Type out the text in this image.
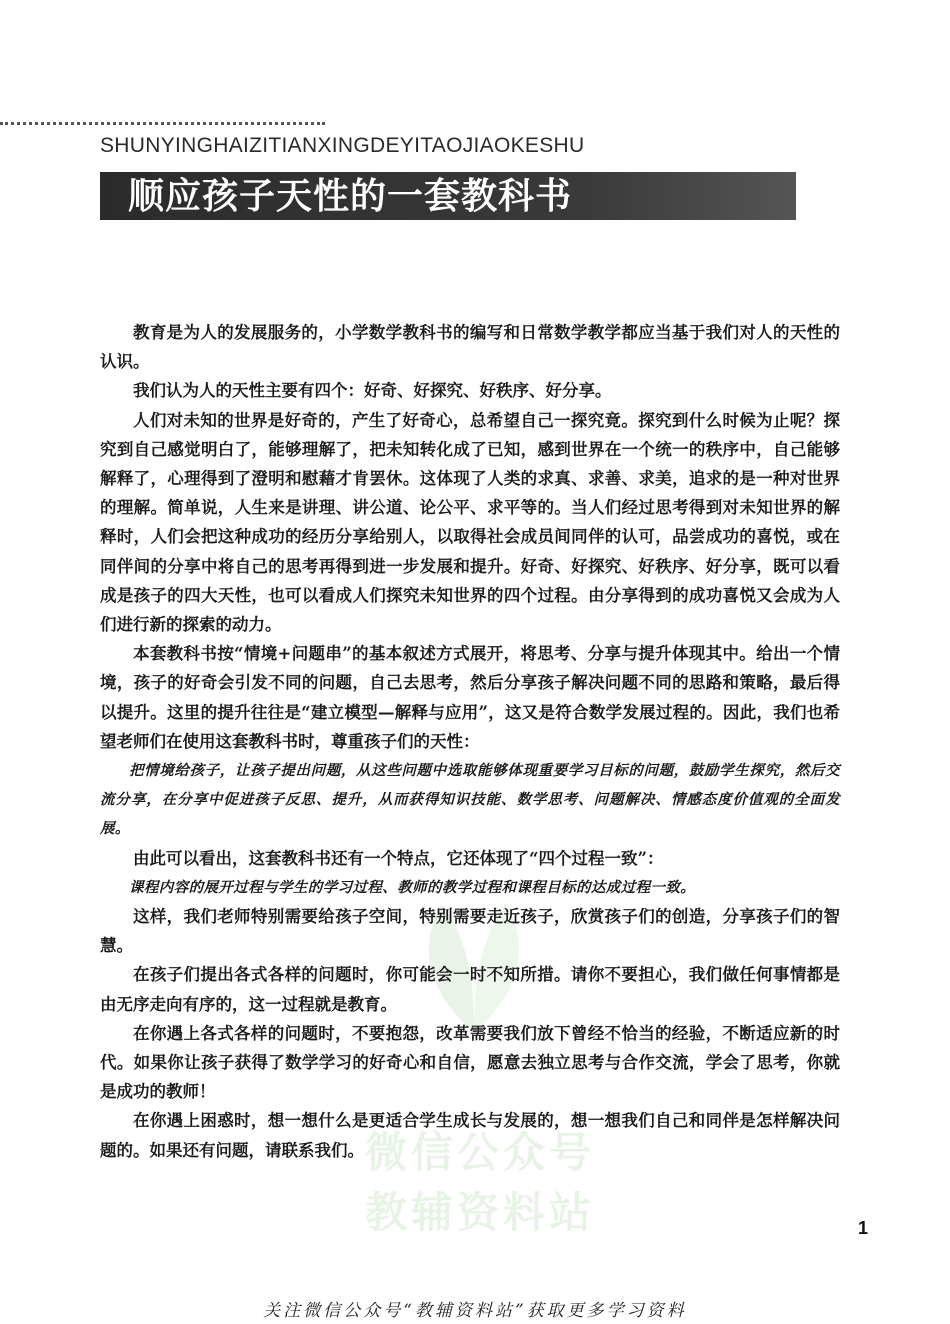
SHUNYINGHAIZITIANXINGDEYITAOJIAOKESHU
顺应孩子天性的一套教科书

教育是为人的发展服务的，小学数学教科书的编写和日常数学教学都应当基于我们对人的天性的认识。

我们认为人的天性主要有四个：好奇、好探究、好秩序、好分享。

人们对未知的世界是好奇的，产生了好奇心，总希望自己一探究竟。探究到什么时候为止呢？探究到自己感觉明白了，能够理解了，把未知转化成了已知，感到世界在一个统一的秩序中，自己能够解释了，心理得到了澄明和慰藉才肯罢休。这体现了人类的求真、求善、求美，追求的是一种对世界的理解。简单说，人生来是讲理、讲公道、论公平、求平等的。当人们经过思考得到对未知世界的解释时，人们会把这种成功的经历分享给别人，以取得社会成员间同伴的认可，品尝成功的喜悦，或在同伴间的分享中将自己的思考再得到进一步发展和提升。好奇、好探究、好秩序、好分享，既可以看成是孩子的四大天性，也可以看成人们探究未知世界的四个过程。由分享得到的成功喜悦又会成为人们进行新的探索的动力。

本套教科书按“情境+问题串”的基本叙述方式展开，将思考、分享与提升体现其中。给出一个情境，孩子的好奇会引发不同的问题，自己去思考，然后分享孩子解决问题不同的思路和策略，最后得以提升。这里的提升往往是“建立模型—解释与应用”，这又是符合数学发展过程的。因此，我们也希望老师们在使用这套教科书时，尊重孩子们的天性：

把情境给孩子，让孩子提出问题，从这些问题中选取能够体现重要学习目标的问题，鼓励学生探究，然后交流分享，在分享中促进孩子反思、提升，从而获得知识技能、数学思考、问题解决、情感态度价值观的全面发展。

由此可以看出，这套教科书还有一个特点，它还体现了“四个过程一致”：

课程内容的展开过程与学生的学习过程、教师的教学过程和课程目标的达成过程一致。

这样，我们老师特别需要给孩子空间，特别需要走近孩子，欣赏孩子们的创造，分享孩子们的智慧。

在孩子们提出各式各样的问题时，你可能会一时不知所措。请你不要担心，我们做任何事情都是由无序走向有序的，这一过程就是教育。

在你遇上各式各样的问题时，不要抱怨，改革需要我们放下曾经不恰当的经验，不断适应新的时代。如果你让孩子获得了数学学习的好奇心和自信，愿意去独立思考与合作交流，学会了思考，你就是成功的教师！

在你遇上困惑时，想一想什么是更适合学生成长与发展的，想一想我们自己和同伴是怎样解决问题的。如果还有问题，请联系我们。 微信公众号
教辅资料站	1
关注微信公众号“教辅资料站”获取更多学习资料
